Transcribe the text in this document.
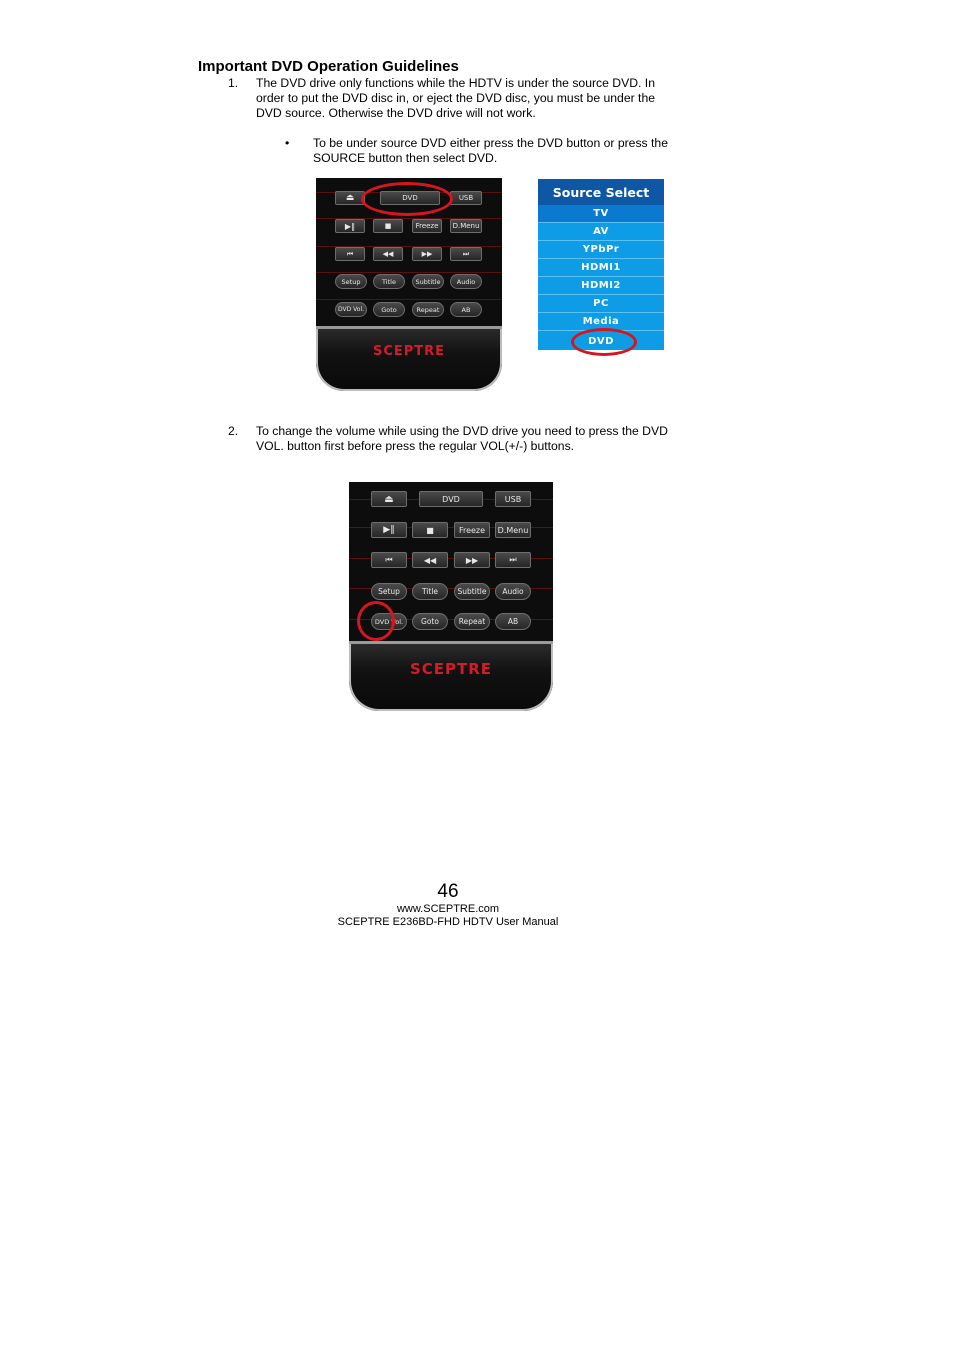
Important DVD Operation Guidelines
1.	The DVD drive only functions while the HDTV is under the source DVD. In
order to put the DVD disc in, or eject the DVD disc, you must be under the
DVD source. Otherwise the DVD drive will not work.
• To be under source DVD either press the DVD button or press the
SOURCE button then select DVD.
⏏	DVD	USB
▶‖	■	Freeze	D.Menu
⏮	◀◀	▶▶	⏭
Setup	Title	Subtitle	Audio
DVD Vol.	Goto	Repeat	AB
SCEPTRE
Source Select
TV
AV
YPbPr
HDMI1
HDMI2
PC
Media
DVD
2.	To change the volume while using the DVD drive you need to press the DVD
VOL. button first before press the regular VOL(+/-) buttons.
⏏	DVD	USB
▶‖	■	Freeze	D.Menu
⏮	◀◀	▶▶	⏭
Setup	Title	Subtitle	Audio
DVD Vol.	Goto	Repeat	AB
SCEPTRE
46
www.SCEPTRE.com
SCEPTRE E236BD-FHD HDTV User Manual
